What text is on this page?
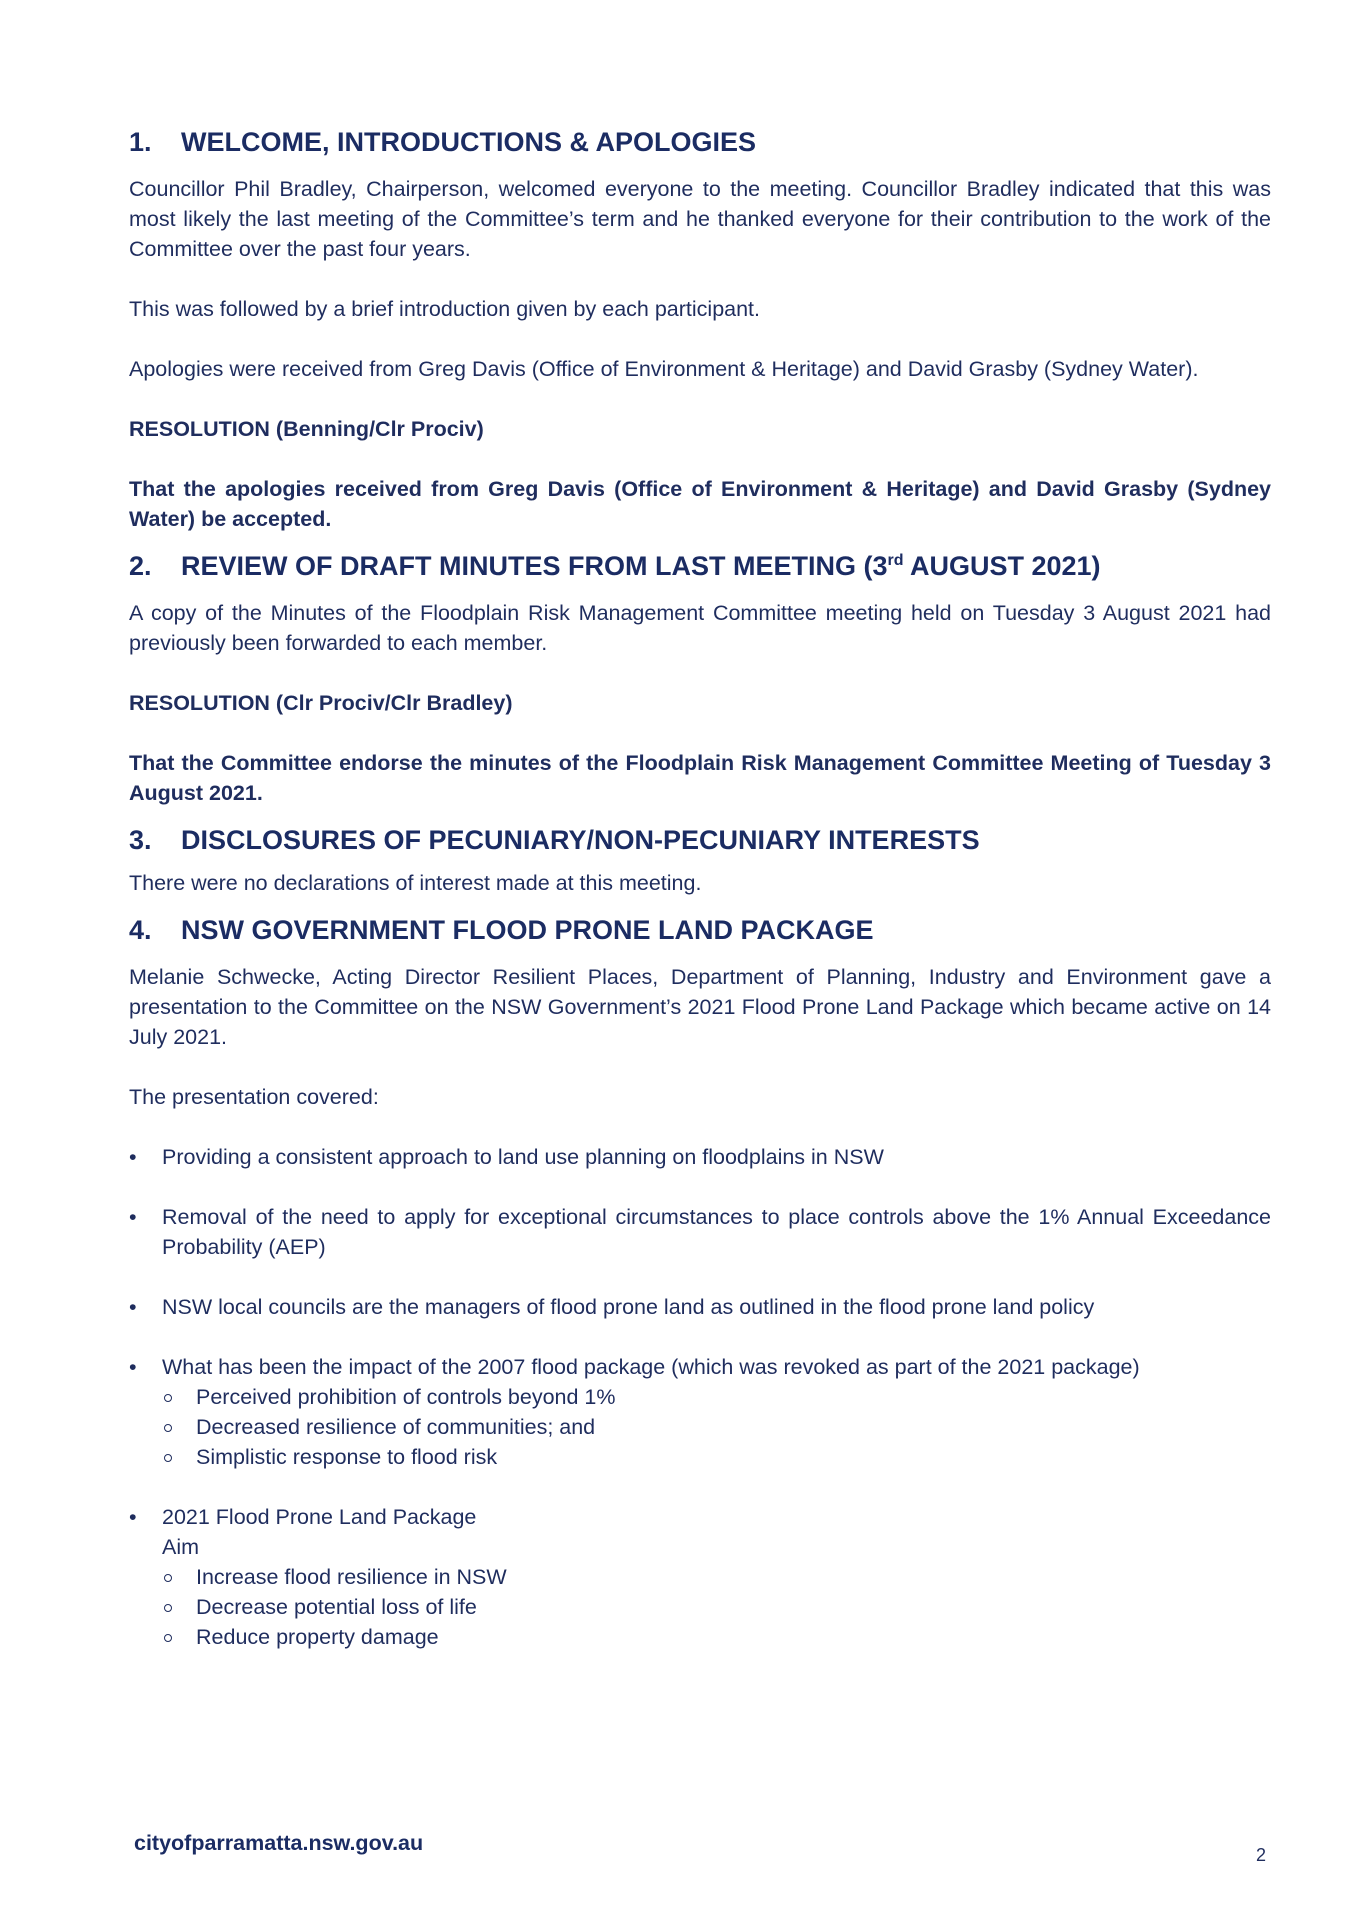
1.	WELCOME, INTRODUCTIONS & APOLOGIES

Councillor Phil Bradley, Chairperson, welcomed everyone to the meeting. Councillor Bradley indicated that this was most likely the last meeting of the Committee’s term and he thanked everyone for their contribution to the work of the Committee over the past four years.

This was followed by a brief introduction given by each participant.

Apologies were received from Greg Davis (Office of Environment & Heritage) and David Grasby (Sydney Water).

RESOLUTION (Benning/Clr Prociv)

That the apologies received from Greg Davis (Office of Environment & Heritage) and David Grasby (Sydney Water) be accepted.

2.	REVIEW OF DRAFT MINUTES FROM LAST MEETING (3rd AUGUST 2021)

A copy of the Minutes of the Floodplain Risk Management Committee meeting held on Tuesday 3 August 2021 had previously been forwarded to each member.

RESOLUTION (Clr Prociv/Clr Bradley)

That the Committee endorse the minutes of the Floodplain Risk Management Committee Meeting of Tuesday 3 August 2021.

3.	DISCLOSURES OF PECUNIARY/NON-PECUNIARY INTERESTS

There were no declarations of interest made at this meeting.

4.	NSW GOVERNMENT FLOOD PRONE LAND PACKAGE

Melanie Schwecke, Acting Director Resilient Places, Department of Planning, Industry and Environment gave a presentation to the Committee on the NSW Government’s 2021 Flood Prone Land Package which became active on 14 July 2021.

The presentation covered:

• Providing a consistent approach to land use planning on floodplains in NSW
• Removal of the need to apply for exceptional circumstances to place controls above the 1% Annual Exceedance Probability (AEP)
• NSW local councils are the managers of flood prone land as outlined in the flood prone land policy
• What has been the impact of the 2007 flood package (which was revoked as part of the 2021 package)
Perceived prohibition of controls beyond 1%
Decreased resilience of communities; and
Simplistic response to flood risk
• 2021 Flood Prone Land Package
Aim
Increase flood resilience in NSW
Decrease potential loss of life
Reduce property damage
cityofparramatta.nsw.gov.au	2
